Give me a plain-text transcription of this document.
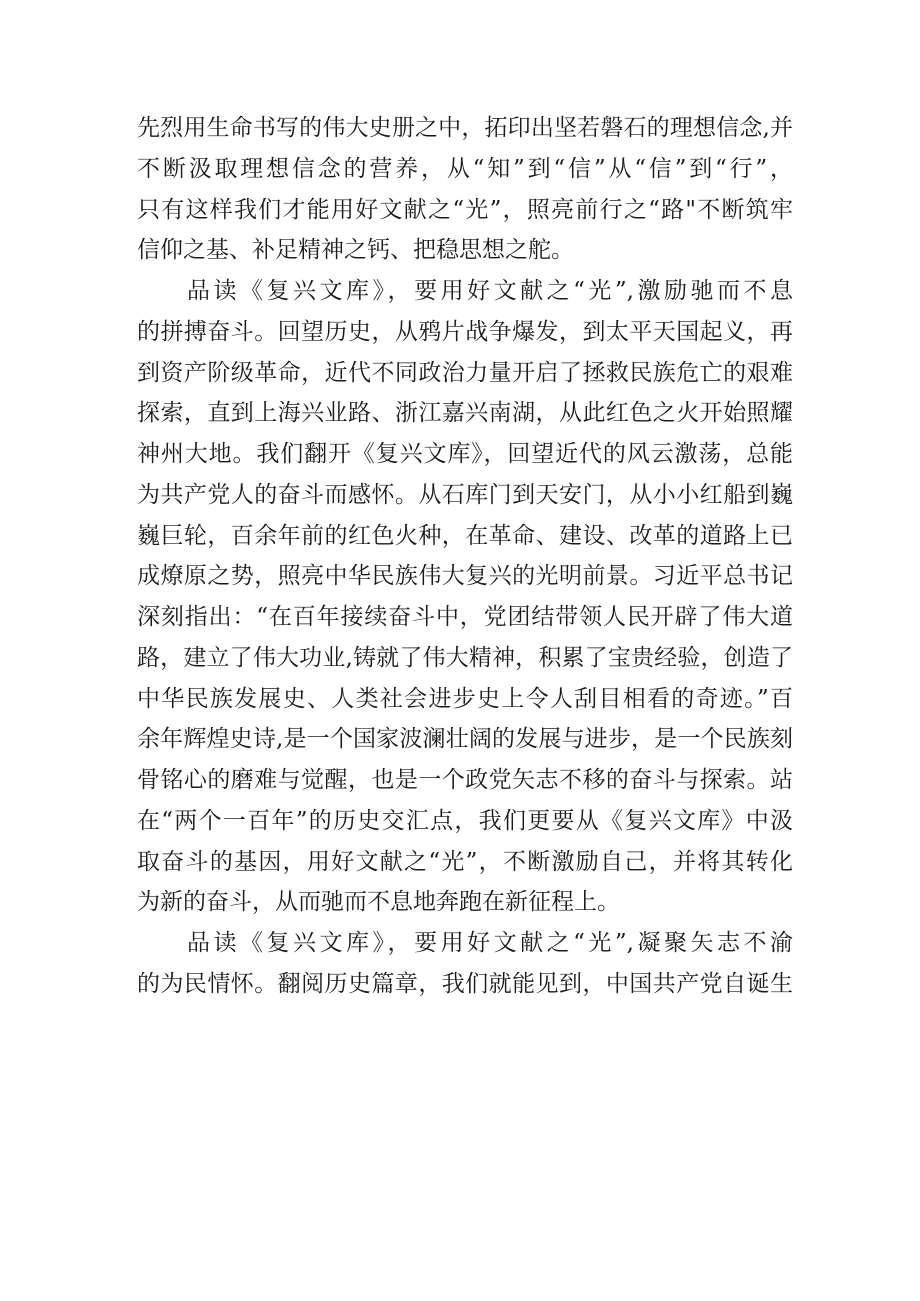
先烈用生命书写的伟大史册之中，拓印出坚若磐石的理想信念,并
不断汲取理想信念的营养，从“知”到“信”从“信”到“行”，
只有这样我们才能用好文献之“光”，照亮前行之“路"不断筑牢
信仰之基、补足精神之钙、把稳思想之舵。
品读《复兴文库》，要用好文献之“光”,激励驰而不息
的拼搏奋斗。回望历史，从鸦片战争爆发，到太平天国起义，再
到资产阶级革命，近代不同政治力量开启了拯救民族危亡的艰难
探索，直到上海兴业路、浙江嘉兴南湖，从此红色之火开始照耀
神州大地。我们翻开《复兴文库》，回望近代的风云激荡，总能
为共产党人的奋斗而感怀。从石库门到天安门，从小小红船到巍
巍巨轮，百余年前的红色火种，在革命、建设、改革的道路上已
成燎原之势，照亮中华民族伟大复兴的光明前景。习近平总书记
深刻指出：“在百年接续奋斗中，党团结带领人民开辟了伟大道
路，建立了伟大功业,铸就了伟大精神，积累了宝贵经验，创造了
中华民族发展史、人类社会进步史上令人刮目相看的奇迹。”百
余年辉煌史诗,是一个国家波澜壮阔的发展与进步，是一个民族刻
骨铭心的磨难与觉醒，也是一个政党矢志不移的奋斗与探索。站
在“两个一百年”的历史交汇点，我们更要从《复兴文库》中汲
取奋斗的基因，用好文献之“光”，不断激励自己，并将其转化
为新的奋斗，从而驰而不息地奔跑在新征程上。
品读《复兴文库》，要用好文献之“光”,凝聚矢志不渝
的为民情怀。翻阅历史篇章，我们就能见到，中国共产党自诞生
